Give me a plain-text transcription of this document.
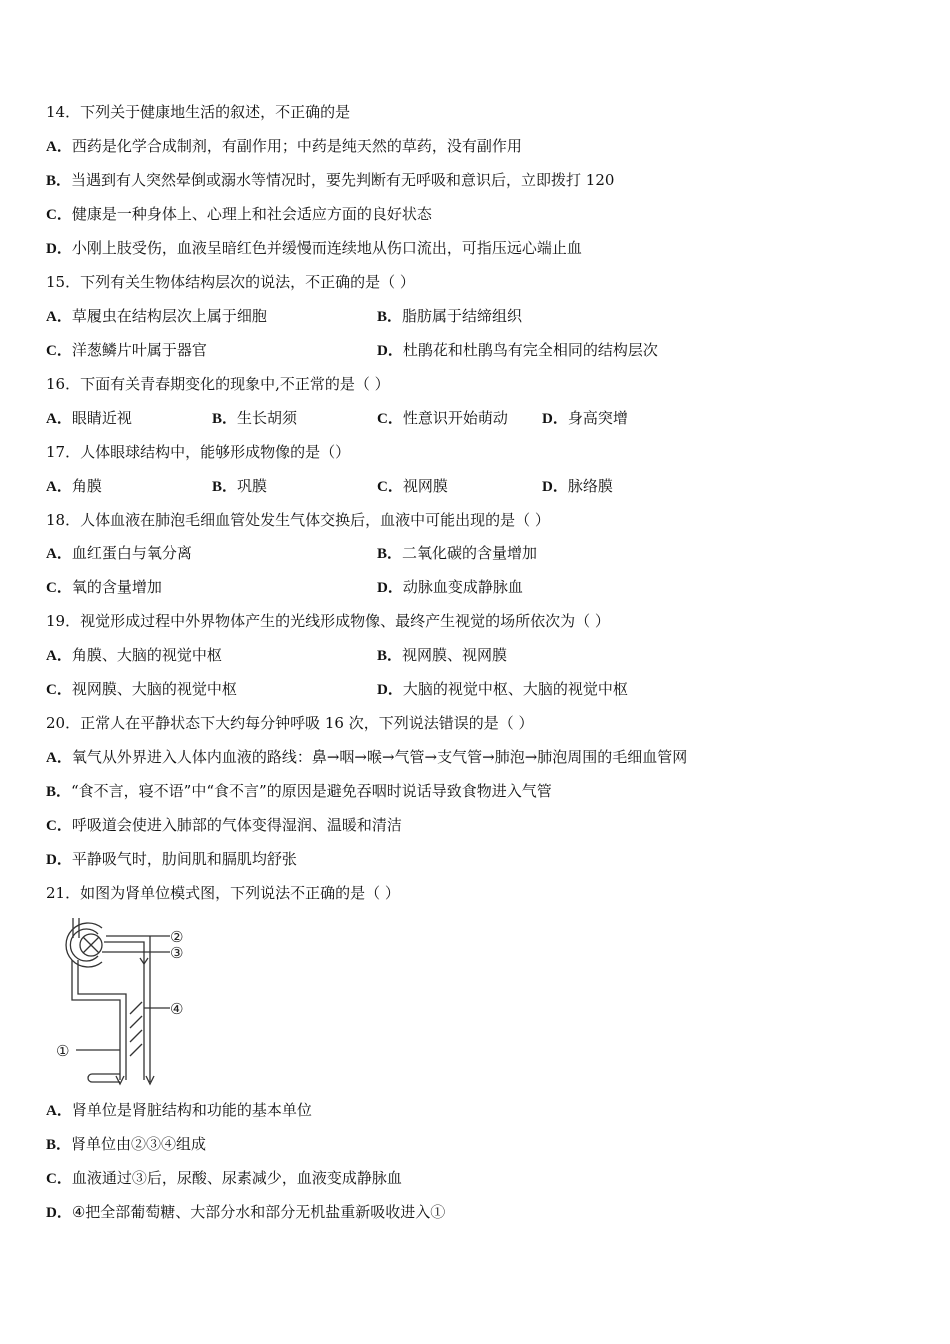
14．下列关于健康地生活的叙述，不正确的是
A．西药是化学合成制剂，有副作用；中药是纯天然的草药，没有副作用
B．当遇到有人突然晕倒或溺水等情况时，要先判断有无呼吸和意识后，立即拨打 120
C．健康是一种身体上、心理上和社会适应方面的良好状态
D．小刚上肢受伤，血液呈暗红色并缓慢而连续地从伤口流出，可指压远心端止血
15．下列有关生物体结构层次的说法，不正确的是（ ）
A．草履虫在结构层次上属于细胞	B．脂肪属于结缔组织
C．洋葱鳞片叶属于器官	D．杜鹃花和杜鹃鸟有完全相同的结构层次
16．下面有关青春期变化的现象中,不正常的是（ ）
A．眼睛近视	B．生长胡须	C．性意识开始萌动 D．身高突增
17．人体眼球结构中，能够形成物像的是（）
A．角膜	B．巩膜	C．视网膜	D．脉络膜
18．人体血液在肺泡毛细血管处发生气体交换后，血液中可能出现的是（ ）
A．血红蛋白与氧分离	B．二氧化碳的含量增加
C．氧的含量增加	D．动脉血变成静脉血
19．视觉形成过程中外界物体产生的光线形成物像、最终产生视觉的场所依次为（ ）
A．角膜、大脑的视觉中枢	B．视网膜、视网膜
C．视网膜、大脑的视觉中枢	D．大脑的视觉中枢、大脑的视觉中枢
20．正常人在平静状态下大约每分钟呼吸 16 次，下列说法错误的是（ ）
A．氧气从外界进入人体内血液的路线：鼻→咽→喉→气管→支气管→肺泡→肺泡周围的毛细血管网
B．“食不言，寝不语”中“食不言”的原因是避免吞咽时说话导致食物进入气管
C．呼吸道会使进入肺部的气体变得湿润、温暖和清洁
D．平静吸气时，肋间肌和膈肌均舒张
21．如图为肾单位模式图，下列说法不正确的是（ ）
②
③
④
①
A．肾单位是肾脏结构和功能的基本单位
B．肾单位由②③④组成
C．血液通过③后，尿酸、尿素减少，血液变成静脉血
D．④把全部葡萄糖、大部分水和部分无机盐重新吸收进入①
